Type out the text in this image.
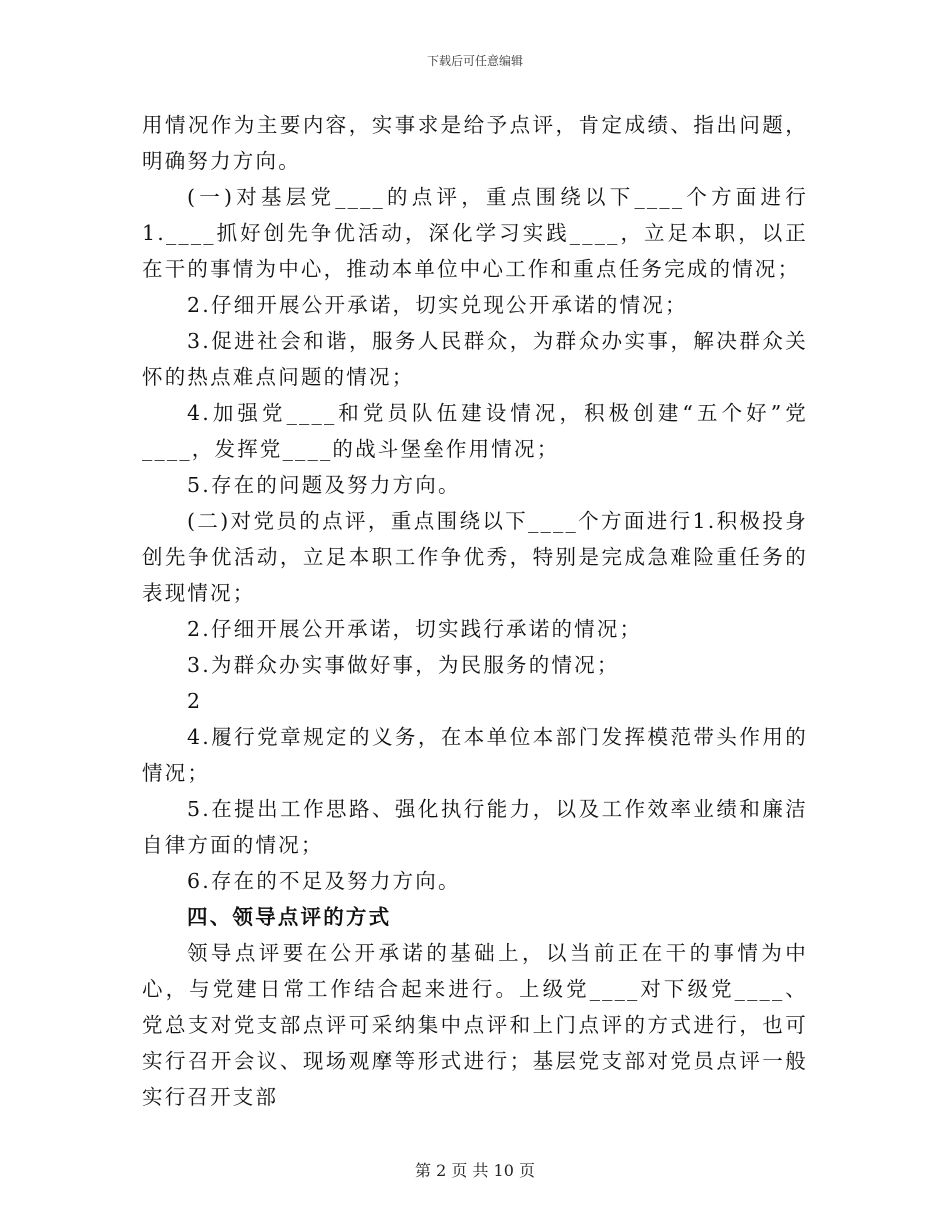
下载后可任意编辑

用情况作为主要内容，实事求是给予点评，肯定成绩、指出问题，明确努力方向。

(一)对基层党____的点评，重点围绕以下____个方面进行1.____抓好创先争优活动，深化学习实践____，立足本职，以正在干的事情为中心，推动本单位中心工作和重点任务完成的情况；

2.仔细开展公开承诺，切实兑现公开承诺的情况；

3.促进社会和谐，服务人民群众，为群众办实事，解决群众关怀的热点难点问题的情况；

4.加强党____和党员队伍建设情况，积极创建“五个好”党____，发挥党____的战斗堡垒作用情况；

5.存在的问题及努力方向。

(二)对党员的点评，重点围绕以下____个方面进行1.积极投身创先争优活动，立足本职工作争优秀，特别是完成急难险重任务的表现情况；

2.仔细开展公开承诺，切实践行承诺的情况；

3.为群众办实事做好事，为民服务的情况；

2

4.履行党章规定的义务，在本单位本部门发挥模范带头作用的情况；

5.在提出工作思路、强化执行能力，以及工作效率业绩和廉洁自律方面的情况；

6.存在的不足及努力方向。

四、领导点评的方式

领导点评要在公开承诺的基础上，以当前正在干的事情为中心，与党建日常工作结合起来进行。上级党____对下级党____、党总支对党支部点评可采纳集中点评和上门点评的方式进行，也可实行召开会议、现场观摩等形式进行；基层党支部对党员点评一般实行召开支部

第 2 页 共 10 页
